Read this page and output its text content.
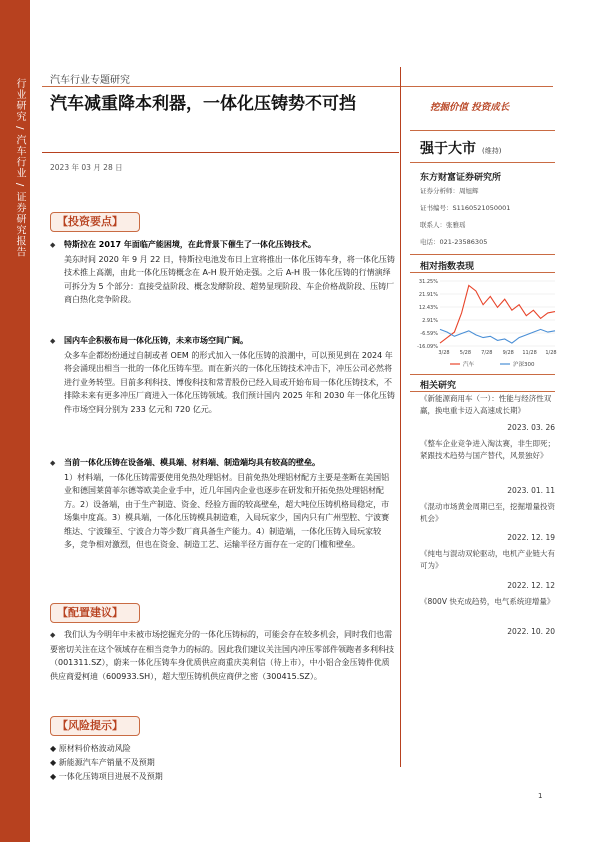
行业研究 / 汽车行业 / 证券研究报告	汽车行业专题研究
汽车减重降本利器，一体化压铸势不可挡
2023 年 03 月 28 日
挖掘价值 投资成长
强于大市 (维持)
东方财富证券研究所
证券分析师：周旭辉
证书编号：S1160521050001
联系人：张雅瑶
电话：021-23586305
相对指数表现
31.25%
21.91%
12.43%
2.91%
-6.59%
-16.09%
3/28 5/28 7/28 9/28 11/28 1/28
汽车	沪深300
相关研究
《新能源商用车（一）：性能与经济性双赢，换电重卡迈入高速成长期》
2023. 03. 26
《整车企业竞争进入淘汰赛，非生即死；紧跟技术趋势与国产替代，风景独好》
2023. 01. 11
《混动市场黄金周期已至，挖掘增量投资机会》
2022. 12. 19
《纯电与混动双轮驱动，电机产业链大有可为》
2022. 12. 12
《800V 快充成趋势，电气系统迎增量》
2022. 10. 20
【投资要点】
◆ 特斯拉在 2017 年面临产能困境，在此背景下催生了一体化压铸技术。
美东时间 2020 年 9 月 22 日，特斯拉电池发布日上宣将推出一体化压铸车身，将一体化压铸技术推上高潮，由此一体化压铸概念在 A-H 股开始走强。之后 A-H 股一体化压铸的行情演绎可拆分为 5 个部分：直接受益阶段、概念发酵阶段、超势显现阶段、车企价格战阶段、压铸厂商白热化竞争阶段。
◆ 国内车企积极布局一体化压铸，未来市场空间广阔。
众多车企都纷纷通过自制或者 OEM 的形式加入一体化压铸的浪潮中，可以预见到在 2024 年将会涌现出相当一批的一体化压铸车型。而在新兴的一体化压铸技术冲击下，冲压公司必然将进行业务转型。目前多利科技、博俊科技和常青股份已经入局或开始布局一体化压铸技术，不排除未来有更多冲压厂商进入一体化压铸领域。我们预计国内 2025 年和 2030 年一体化压铸件市场空间分别为 233 亿元和 720 亿元。
◆ 当前一体化压铸在设备端、模具端、材料端、制造端均具有较高的壁垒。
1）材料端，一体化压铸需要使用免热处理铝材。目前免热处理铝材配方主要是垄断在美国铝业和德国莱茵菲尔德等欧美企业手中，近几年国内企业也逐步在研发和开拓免热处理铝材配方。2）设备端，由于生产制造、资金、经验方面的较高壁垒，超大吨位压铸机格局稳定，市场集中度高。3）模具端，一体化压铸模具制造难，入局玩家少，国内只有广州型腔、宁波赛维达、宁波臻至、宁波合力等少数厂商具备生产能力。4）制造端，一体化压铸入局玩家较多，竞争相对激烈，但也在资金、制造工艺、运输半径方面存在一定的门槛和壁垒。
【配置建议】
◆ 我们认为今明年中未被市场挖掘充分的一体化压铸标的，可能会存在较多机会，同时我们也需要密切关注在这个领域存在相当竞争力的标的。因此我们建议关注国内冲压零部件领跑者多利科技（001311.SZ），蔚来一体化压铸车身优质供应商重庆美利信（待上市），中小铝合金压铸件优质供应商爱柯迪（600933.SH），超大型压铸机供应商伊之密（300415.SZ）。
【风险提示】
◆ 原材料价格波动风险
◆ 新能源汽车产销量不及预期
◆ 一体化压铸项目进展不及预期
1
